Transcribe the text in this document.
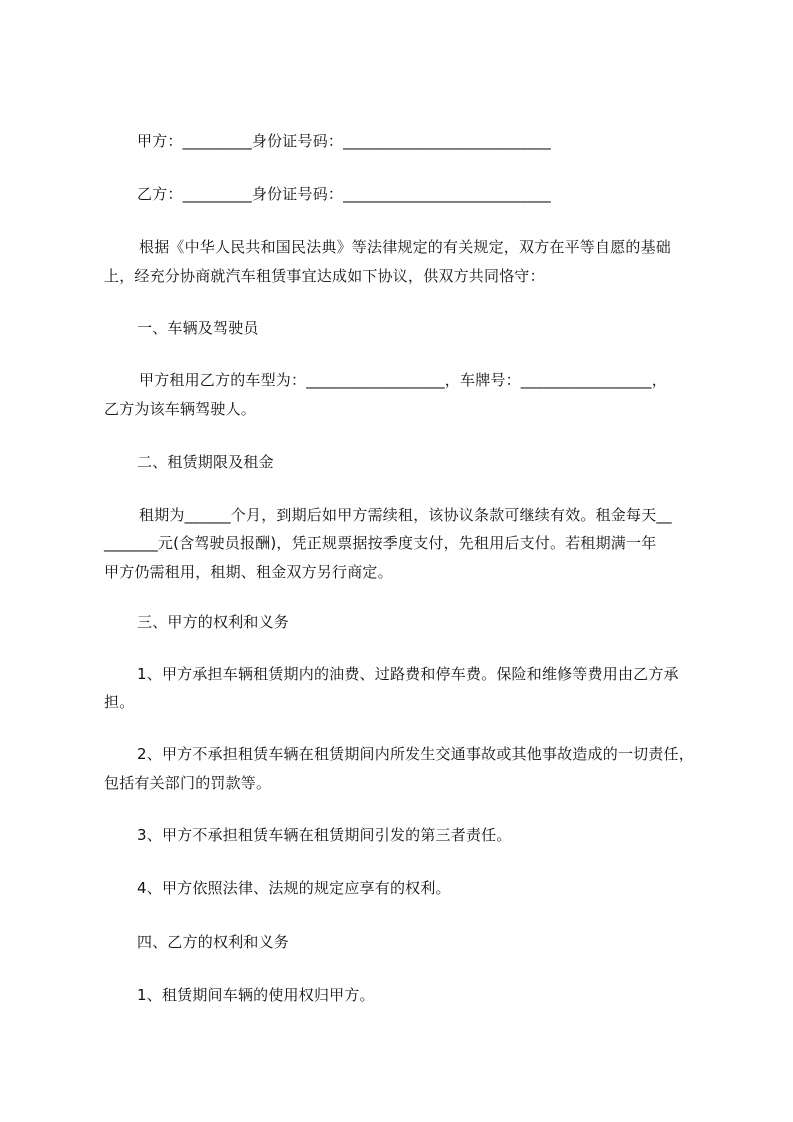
甲方：_________身份证号码：___________________________
乙方：_________身份证号码：___________________________
根据《中华人民共和国民法典》等法律规定的有关规定，双方在平等自愿的基础
上，经充分协商就汽车租赁事宜达成如下协议，供双方共同恪守：
一、车辆及驾驶员
甲方租用乙方的车型为：__________________，车牌号：_________________，
乙方为该车辆驾驶人。
二、租赁期限及租金
租期为______个月，到期后如甲方需续租，该协议条款可继续有效。租金每天__
_______元(含驾驶员报酬)，凭正规票据按季度支付，先租用后支付。若租期满一年
甲方仍需租用，租期、租金双方另行商定。
三、甲方的权利和义务
1、甲方承担车辆租赁期内的油费、过路费和停车费。保险和维修等费用由乙方承
担。
2、甲方不承担租赁车辆在租赁期间内所发生交通事故或其他事故造成的一切责任，
包括有关部门的罚款等。
3、甲方不承担租赁车辆在租赁期间引发的第三者责任。
4、甲方依照法律、法规的规定应享有的权利。
四、乙方的权利和义务
1、租赁期间车辆的使用权归甲方。
